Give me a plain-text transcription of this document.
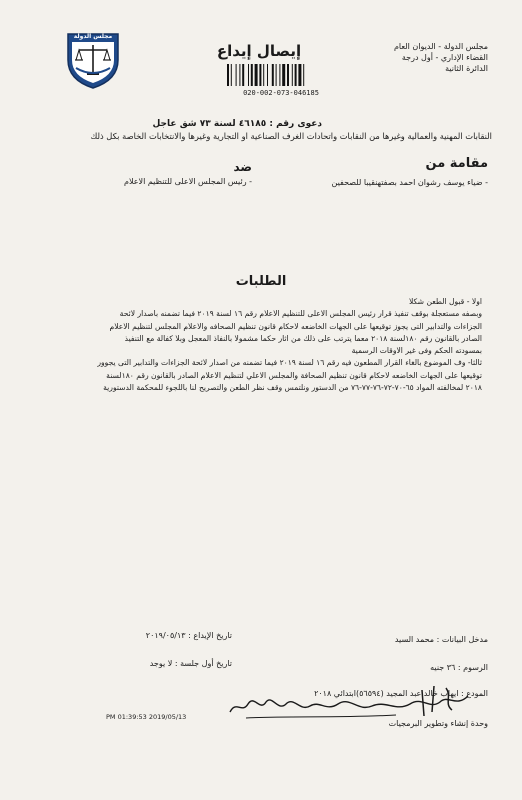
مجلس الدولة - الديوان العام
القضاء الإداري - أول درجة
الدائرة الثانية
إيصال إيداع
020-002-073-046185
مجلس الدولة
دعوى رقم : ٤٦١٨٥ لسنة ٧٣ شق عاجل
النقابات المهنية والعمالية وغيرها من النقابات واتحادات الغرف الصناعية او التجارية وغيرها والانتخابات الخاصة بكل ذلك
مقامة من
- ضياء يوسف رشوان احمد بصفتهنقيبا للصحفين
ضد
- رئيس المجلس الاعلى للتنظيم الاعلام
الطلبات
اولا - قبول الطعن شكلا
وبصفه مستعجلة بوقف تنفيذ قرار رئيس المجلس الاعلى للتنظيم الاعلام رقم ١٦ لسنة ٢٠١٩ فيما تضمنه باصدار لائحة
الجزاءات والتدابير التى يجوز توقيعها على الجهات الخاضعه لاحكام قانون تنظيم الصحافه والاعلام المجلس لتنظيم الاعلام
الصادر بالقانون رقم ١٨٠لسنة ٢٠١٨ معما يترتب على ذلك من اثار حكما مشمولا بالنفاذ المعجل وبلا كفالة مع التنفيذ
بمسودته الحكم وفى غير الاوقات الرسمية
ثالثا- وف الموضوع بالغاء القرار المطعون فيه رقم ١٦ لسنة ٢٠١٩ فيما تضمنه من اصدار لائحة الجزاءات والتدابير التى يجوور
توقيعها على الجهات الخاضعه لاحكام قانون تنظيم الصحافة والمجلس الاعلي لتنظيم الاعلام الصادر بالقانون رقم ١٨٠لسنة
٢٠١٨ لمخالفته المواد ٦٥-٧٠-٧٢-٧٦-٧٧-٧٦ من الدستور ونلتمس وقف نظر الطعن والتصريح لنا باللجوء للمحكمة الدستورية
مدخل البيانات : محمد السيد
تاريخ الإيداع : ٢٠١٩/٠٥/١٣
الرسوم : ٣٦ جنيه
تاريخ أول جلسة : لا يوجد
المودع : ايهاب خالد عبد المجيد (٥٦٥٩٤)ابتدائي ٢٠١٨
وحدة إنشاء وتطوير البرمجيات
PM 01:39:53 2019/05/13
